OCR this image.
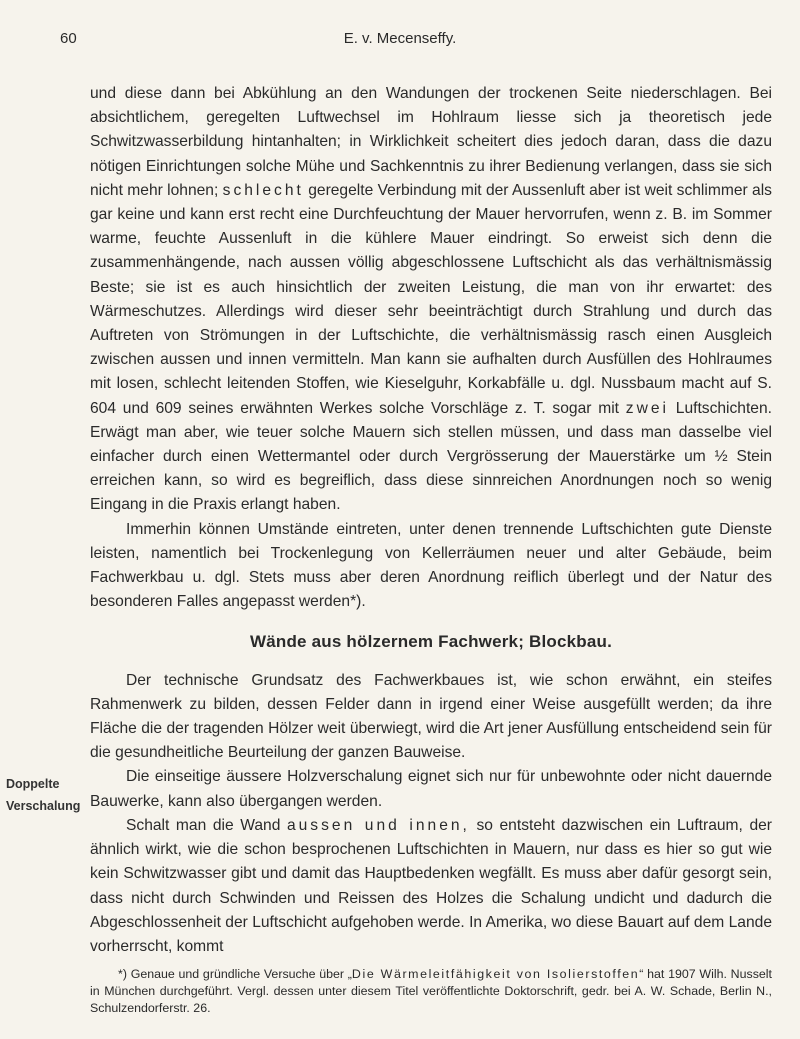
60	E. v. Mecenseffy.

und diese dann bei Abkühlung an den Wandungen der trockenen Seite niederschlagen. Bei absichtlichem, geregelten Luftwechsel im Hohlraum liesse sich ja theoretisch jede Schwitzwasserbildung hintanhalten; in Wirklichkeit scheitert dies jedoch daran, dass die dazu nötigen Einrichtungen solche Mühe und Sachkenntnis zu ihrer Bedienung verlangen, dass sie sich nicht mehr lohnen; schlecht geregelte Verbindung mit der Aussenluft aber ist weit schlimmer als gar keine und kann erst recht eine Durchfeuchtung der Mauer hervorrufen, wenn z. B. im Sommer warme, feuchte Aussenluft in die kühlere Mauer eindringt. So erweist sich denn die zusammenhängende, nach aussen völlig abgeschlossene Luftschicht als das verhältnismässig Beste; sie ist es auch hinsichtlich der zweiten Leistung, die man von ihr erwartet: des Wärmeschutzes. Allerdings wird dieser sehr beeinträchtigt durch Strahlung und durch das Auftreten von Strömungen in der Luftschichte, die verhältnismässig rasch einen Ausgleich zwischen aussen und innen vermitteln. Man kann sie aufhalten durch Ausfüllen des Hohlraumes mit losen, schlecht leitenden Stoffen, wie Kieselguhr, Korkabfälle u. dgl. Nussbaum macht auf S. 604 und 609 seines erwähnten Werkes solche Vorschläge z. T. sogar mit zwei Luftschichten. Erwägt man aber, wie teuer solche Mauern sich stellen müssen, und dass man dasselbe viel einfacher durch einen Wettermantel oder durch Vergrösserung der Mauerstärke um ½ Stein erreichen kann, so wird es begreiflich, dass diese sinnreichen Anordnungen noch so wenig Eingang in die Praxis erlangt haben.

Immerhin können Umstände eintreten, unter denen trennende Luftschichten gute Dienste leisten, namentlich bei Trockenlegung von Kellerräumen neuer und alter Gebäude, beim Fachwerkbau u. dgl. Stets muss aber deren Anordnung reiflich überlegt und der Natur des besonderen Falles angepasst werden*).

Wände aus hölzernem Fachwerk; Blockbau.

Der technische Grundsatz des Fachwerkbaues ist, wie schon erwähnt, ein steifes Rahmenwerk zu bilden, dessen Felder dann in irgend einer Weise ausgefüllt werden; da ihre Fläche die der tragenden Hölzer weit überwiegt, wird die Art jener Ausfüllung entscheidend sein für die gesundheitliche Beurteilung der ganzen Bauweise.

Die einseitige äussere Holzverschalung eignet sich nur für unbewohnte oder nicht dauernde Bauwerke, kann also übergangen werden.

Schalt man die Wand aussen und innen, so entsteht dazwischen ein Luftraum, der ähnlich wirkt, wie die schon besprochenen Luftschichten in Mauern, nur dass es hier so gut wie kein Schwitzwasser gibt und damit das Hauptbedenken wegfällt. Es muss aber dafür gesorgt sein, dass nicht durch Schwinden und Reissen des Holzes die Schalung undicht und dadurch die Abgeschlossenheit der Luftschicht aufgehoben werde. In Amerika, wo diese Bauart auf dem Lande vorherrscht, kommt

Doppelte
Verschalung
*) Genaue und gründliche Versuche über „Die Wärmeleitfähigkeit von Isolierstoffen“ hat 1907 Wilh. Nusselt in München durchgeführt. Vergl. dessen unter diesem Titel veröffentlichte Doktorschrift, gedr. bei A. W. Schade, Berlin N., Schulzendorferstr. 26.
